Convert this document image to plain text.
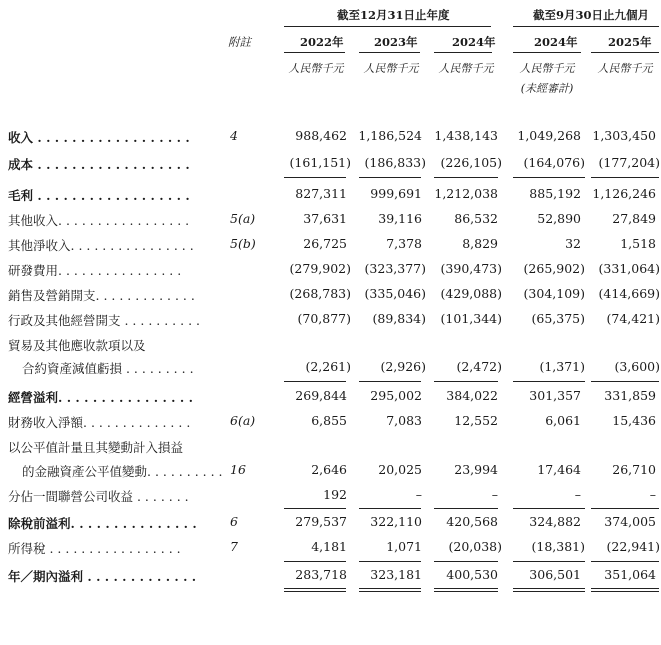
截至12月31日止年度	截至9月30日止九個月
附註	2022年	2023年	2024年	2024年	2025年
人民幣千元	人民幣千元	人民幣千元	人民幣千元	人民幣千元
(未經審計)
收入 . . . . . . . . . . . . . . . . . .	4	988,462 1,186,524 1,438,143 1,049,268 1,303,450
成本 . . . . . . . . . . . . . . . . . .	(161,151) (186,833) (226,105) (164,076) (177,204)
毛利 . . . . . . . . . . . . . . . . . .	827,311 999,691 1,212,038	885,192 1,126,246
其他收入. . . . . . . . . . . . . . . . .	5(a)	37,631	39,116	86,532	52,890	27,849
其他淨收入. . . . . . . . . . . . . . . .	5(b)	26,725	7,378	8,829	32	1,518
研發費用. . . . . . . . . . . . . . . .	(279,902) (323,377) (390,473) (265,902) (331,064)
銷售及營銷開支. . . . . . . . . . . . .	(268,783) (335,046) (429,088) (304,109) (414,669)
行政及其他經營開支 . . . . . . . . . .	(70,877) (89,834) (101,344) (65,375) (74,421)
貿易及其他應收款項以及
合約資產減值虧損 . . . . . . . . .	(2,261) (2,926) (2,472)	(1,371) (3,600)
經營溢利. . . . . . . . . . . . . . . .	269,844 295,002 384,022	301,357 331,859
財務收入淨額. . . . . . . . . . . . . .	6(a)	6,855	7,083	12,552	6,061	15,436
以公平值計量且其變動計入損益
的金融資產公平值變動. . . . . . . . . . 16	2,646	20,025	23,994	17,464	26,710
分佔一間聯營公司收益 . . . . . . .	192	–	–	–	–
除稅前溢利. . . . . . . . . . . . . . .	6	279,537 322,110 420,568	324,882 374,005
所得稅 . . . . . . . . . . . . . . . . .	7	4,181	1,071 (20,038) (18,381) (22,941)
年／期內溢利 . . . . . . . . . . . . .	283,718 323,181 400,530	306,501 351,064
